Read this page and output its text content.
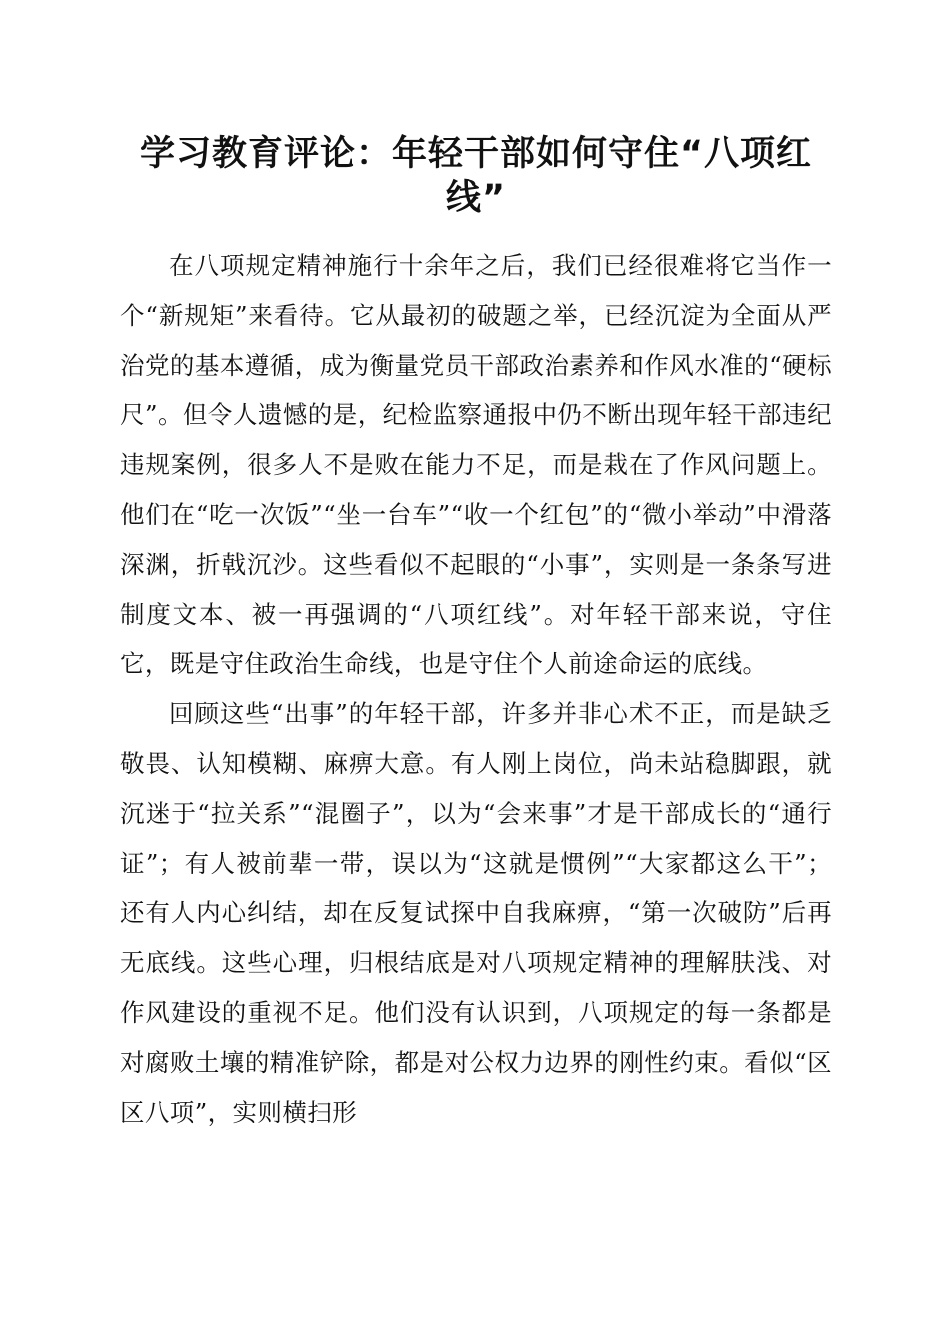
学习教育评论：年轻干部如何守住“八项红线”

在八项规定精神施行十余年之后，我们已经很难将它当作一个“新规矩”来看待。它从最初的破题之举，已经沉淀为全面从严治党的基本遵循，成为衡量党员干部政治素养和作风水准的“硬标尺”。但令人遗憾的是，纪检监察通报中仍不断出现年轻干部违纪违规案例，很多人不是败在能力不足，而是栽在了作风问题上。他们在“吃一次饭”“坐一台车”“收一个红包”的“微小举动”中滑落深渊，折戟沉沙。这些看似不起眼的“小事”，实则是一条条写进制度文本、被一再强调的“八项红线”。对年轻干部来说，守住它，既是守住政治生命线，也是守住个人前途命运的底线。

回顾这些“出事”的年轻干部，许多并非心术不正，而是缺乏敬畏、认知模糊、麻痹大意。有人刚上岗位，尚未站稳脚跟，就沉迷于“拉关系”“混圈子”，以为“会来事”才是干部成长的“通行证”；有人被前辈一带，误以为“这就是惯例”“大家都这么干”；还有人内心纠结，却在反复试探中自我麻痹，“第一次破防”后再无底线。这些心理，归根结底是对八项规定精神的理解肤浅、对作风建设的重视不足。他们没有认识到，八项规定的每一条都是对腐败土壤的精准铲除，都是对公权力边界的刚性约束。看似“区区八项”，实则横扫形
